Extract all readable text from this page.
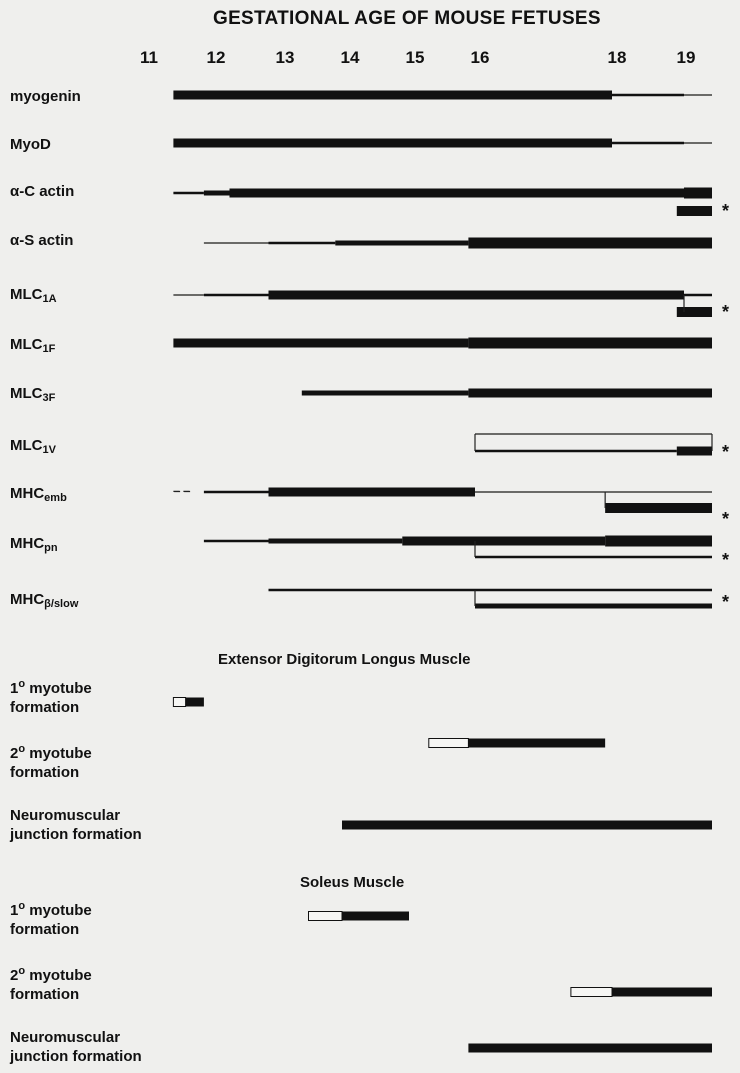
GESTATIONAL AGE OF MOUSE FETUSES
11	12	13	14	15	16	18	19
myogenin
MyoD
α-C actin
α-S actin
$MLC_{1A}$
$MLC_{1F}$
$MLC_{3F}$
$MLC_{1V}$
$MHC_{emb}$
$MHC_{pn}$
$MHC_{\beta/slow}$
Extensor Digitorum Longus Muscle
Soleus Muscle
1$^o$ myotube
formation
2$^o$ myotube
formation
Neuromuscular
junction formation
1$^o$ myotube
formation
2$^o$ myotube
formation
Neuromuscular
junction formation
*
*
*
*
*
*
